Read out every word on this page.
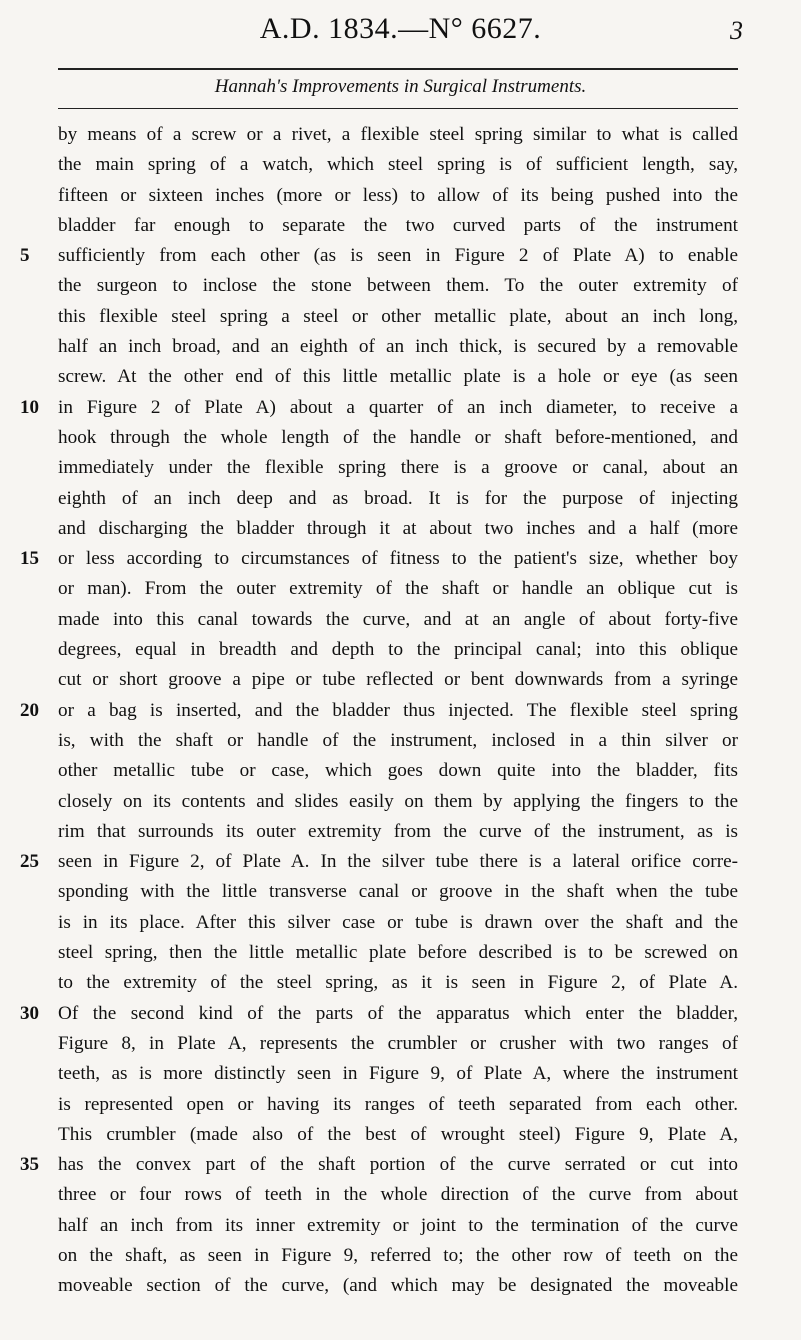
A.D. 1834.—N° 6627.	3
Hannah's Improvements in Surgical Instruments.
5
10
15
20
25
30
35
by means of a screw or a rivet, a flexible steel spring similar to what is called
the main spring of a watch, which steel spring is of sufficient length, say,
fifteen or sixteen inches (more or less) to allow of its being pushed into the
bladder far enough to separate the two curved parts of the instrument
sufficiently from each other (as is seen in Figure 2 of Plate A) to enable
the surgeon to inclose the stone between them. To the outer extremity of
this flexible steel spring a steel or other metallic plate, about an inch long,
half an inch broad, and an eighth of an inch thick, is secured by a removable
screw. At the other end of this little metallic plate is a hole or eye (as seen
in Figure 2 of Plate A) about a quarter of an inch diameter, to receive a
hook through the whole length of the handle or shaft before-mentioned, and
immediately under the flexible spring there is a groove or canal, about an
eighth of an inch deep and as broad. It is for the purpose of injecting
and discharging the bladder through it at about two inches and a half (more
or less according to circumstances of fitness to the patient's size, whether boy
or man). From the outer extremity of the shaft or handle an oblique cut is
made into this canal towards the curve, and at an angle of about forty-five
degrees, equal in breadth and depth to the principal canal; into this oblique
cut or short groove a pipe or tube reflected or bent downwards from a syringe
or a bag is inserted, and the bladder thus injected. The flexible steel spring
is, with the shaft or handle of the instrument, inclosed in a thin silver or
other metallic tube or case, which goes down quite into the bladder, fits
closely on its contents and slides easily on them by applying the fingers to the
rim that surrounds its outer extremity from the curve of the instrument, as is
seen in Figure 2, of Plate A. In the silver tube there is a lateral orifice corre-
sponding with the little transverse canal or groove in the shaft when the tube
is in its place. After this silver case or tube is drawn over the shaft and the
steel spring, then the little metallic plate before described is to be screwed on
to the extremity of the steel spring, as it is seen in Figure 2, of Plate A.
Of the second kind of the parts of the apparatus which enter the bladder,
Figure 8, in Plate A, represents the crumbler or crusher with two ranges of
teeth, as is more distinctly seen in Figure 9, of Plate A, where the instrument
is represented open or having its ranges of teeth separated from each other.
This crumbler (made also of the best of wrought steel) Figure 9, Plate A,
has the convex part of the shaft portion of the curve serrated or cut into
three or four rows of teeth in the whole direction of the curve from about
half an inch from its inner extremity or joint to the termination of the curve
on the shaft, as seen in Figure 9, referred to; the other row of teeth on the
moveable section of the curve, (and which may be designated the moveable
